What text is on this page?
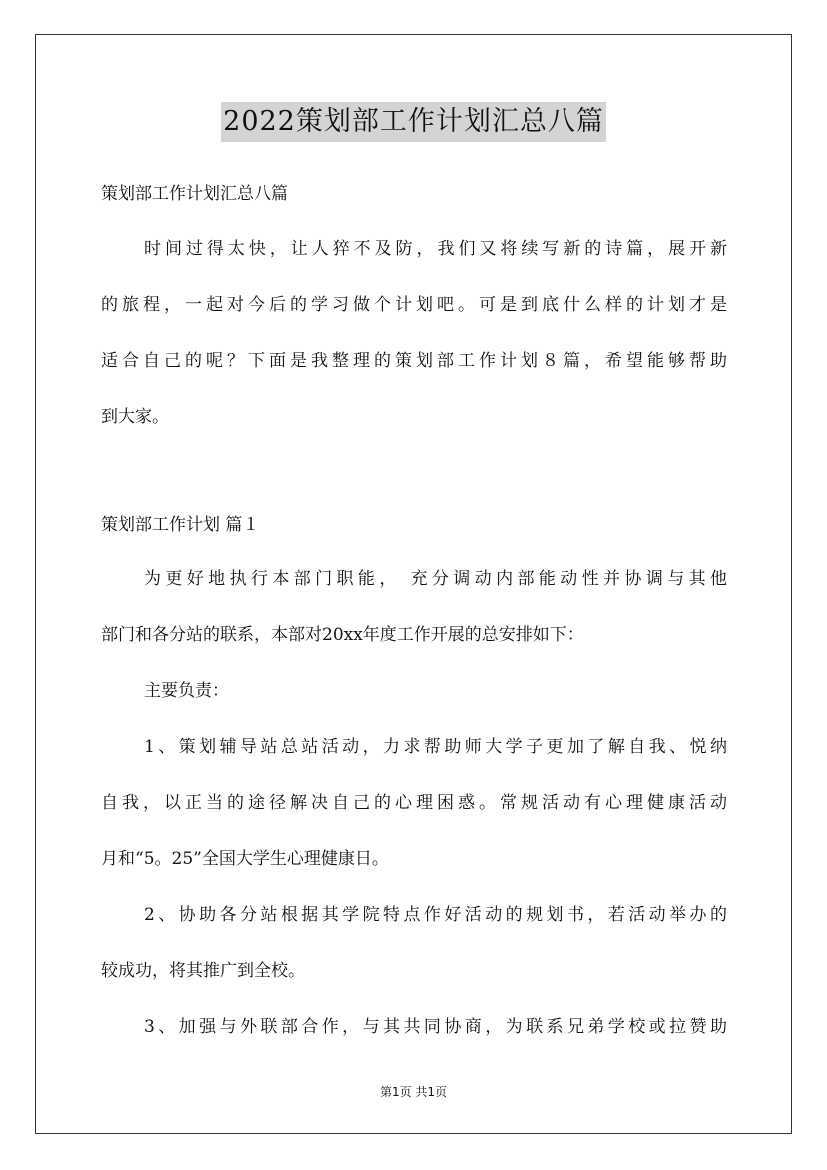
2022策划部工作计划汇总八篇

策划部工作计划汇总八篇

时间过得太快，让人猝不及防，我们又将续写新的诗篇，展开新

的旅程，一起对今后的学习做个计划吧。可是到底什么样的计划才是

适合自己的呢？下面是我整理的策划部工作计划８篇，希望能够帮助

到大家。

策划部工作计划 篇１

为更好地执行本部门职能， 充分调动内部能动性并协调与其他

部门和各分站的联系，本部对20xx年度工作开展的总安排如下：

主要负责：

1、策划辅导站总站活动，力求帮助师大学子更加了解自我、悦纳

自我，以正当的途径解决自己的心理困惑。常规活动有心理健康活动

月和“5。25”全国大学生心理健康日。

2、协助各分站根据其学院特点作好活动的规划书，若活动举办的

较成功，将其推广到全校。

3、加强与外联部合作，与其共同协商，为联系兄弟学校或拉赞助

第1页 共1页
